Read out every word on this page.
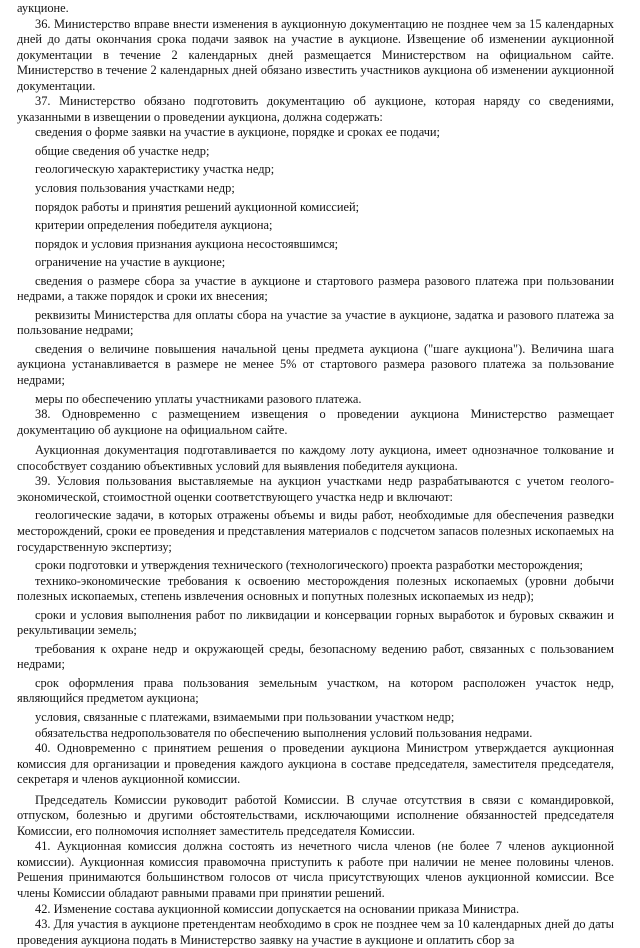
аукционе.

36. Министерство вправе внести изменения в аукционную документацию не позднее чем за 15 календарных дней до даты окончания срока подачи заявок на участие в аукционе. Извещение об изменении аукционной документации в течение 2 календарных дней размещается Министерством на официальном сайте. Министерство в течение 2 календарных дней обязано известить участников аукциона об изменении аукционной документации.

37. Министерство обязано подготовить документацию об аукционе, которая наряду со сведениями, указанными в извещении о проведении аукциона, должна содержать:

сведения о форме заявки на участие в аукционе, порядке и сроках ее подачи;

общие сведения об участке недр;

геологическую характеристику участка недр;

условия пользования участками недр;

порядок работы и принятия решений аукционной комиссией;

критерии определения победителя аукциона;

порядок и условия признания аукциона несостоявшимся;

ограничение на участие в аукционе;

сведения о размере сбора за участие в аукционе и стартового размера разового платежа при пользовании недрами, а также порядок и сроки их внесения;

реквизиты Министерства для оплаты сбора на участие за участие в аукционе, задатка и разового платежа за пользование недрами;

сведения о величине повышения начальной цены предмета аукциона ("шаге аукциона"). Величина шага аукциона устанавливается в размере не менее 5% от стартового размера разового платежа за пользование недрами;

меры по обеспечению уплаты участниками разового платежа.

38. Одновременно с размещением извещения о проведении аукциона Министерство размещает документацию об аукционе на официальном сайте.

Аукционная документация подготавливается по каждому лоту аукциона, имеет однозначное толкование и способствует созданию объективных условий для выявления победителя аукциона.

39. Условия пользования выставляемые на аукцион участками недр разрабатываются с учетом геолого-экономической, стоимостной оценки соответствующего участка недр и включают:

геологические задачи, в которых отражены объемы и виды работ, необходимые для обеспечения разведки месторождений, сроки ее проведения и представления материалов с подсчетом запасов полезных ископаемых на государственную экспертизу;

сроки подготовки и утверждения технического (технологического) проекта разработки месторождения;

технико-экономические требования к освоению месторождения полезных ископаемых (уровни добычи полезных ископаемых, степень извлечения основных и попутных полезных ископаемых из недр);

сроки и условия выполнения работ по ликвидации и консервации горных выработок и буровых скважин и рекультивации земель;

требования к охране недр и окружающей среды, безопасному ведению работ, связанных с пользованием недрами;

срок оформления права пользования земельным участком, на котором расположен участок недр, являющийся предметом аукциона;

условия, связанные с платежами, взимаемыми при пользовании участком недр;

обязательства недропользователя по обеспечению выполнения условий пользования недрами.

40. Одновременно с принятием решения о проведении аукциона Министром утверждается аукционная комиссия для организации и проведения каждого аукциона в составе председателя, заместителя председателя, секретаря и членов аукционной комиссии.

Председатель Комиссии руководит работой Комиссии. В случае отсутствия в связи с командировкой, отпуском, болезнью и другими обстоятельствами, исключающими исполнение обязанностей председателя Комиссии, его полномочия исполняет заместитель председателя Комиссии.

41. Аукционная комиссия должна состоять из нечетного числа членов (не более 7 членов аукционной комиссии). Аукционная комиссия правомочна приступить к работе при наличии не менее половины членов. Решения принимаются большинством голосов от числа присутствующих членов аукционной комиссии. Все члены Комиссии обладают равными правами при принятии решений.

42. Изменение состава аукционной комиссии допускается на основании приказа Министра.

43. Для участия в аукционе претендентам необходимо в срок не позднее чем за 10 календарных дней до даты проведения аукциона подать в Министерство заявку на участие в аукционе и оплатить сбор за
